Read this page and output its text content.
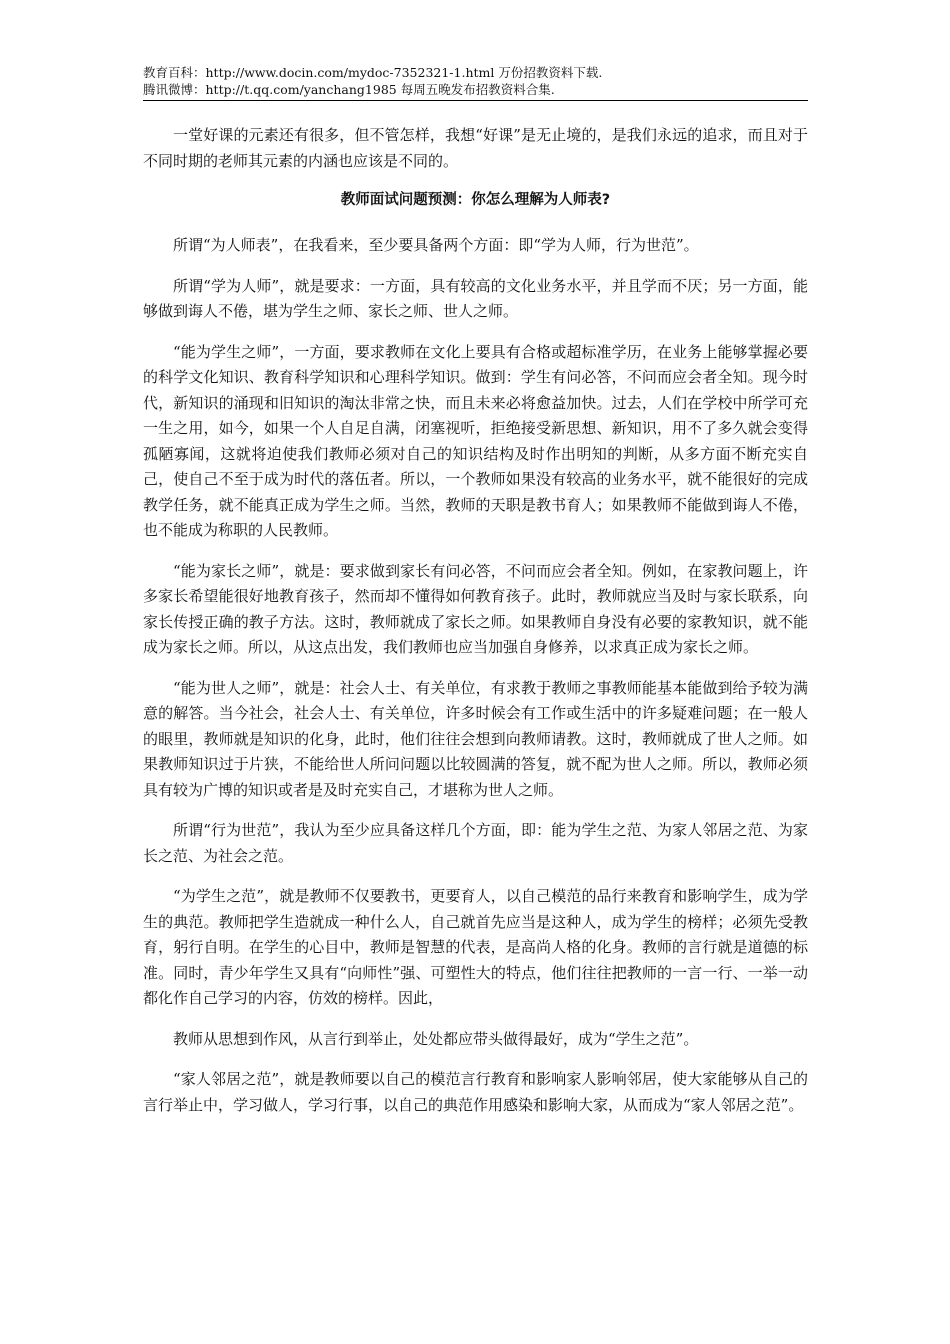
教育百科：http://www.docin.com/mydoc-7352321-1.html 万份招教资料下载.
腾讯微博：http://t.qq.com/yanchang1985 每周五晚发布招教资料合集.

一堂好课的元素还有很多，但不管怎样，我想“好课”是无止境的，是我们永远的追求，而且对于不同时期的老师其元素的内涵也应该是不同的。

教师面试问题预测：你怎么理解为人师表?

所谓“为人师表”，在我看来，至少要具备两个方面：即“学为人师，行为世范”。

所谓“学为人师”，就是要求：一方面，具有较高的文化业务水平，并且学而不厌；另一方面，能够做到诲人不倦，堪为学生之师、家长之师、世人之师。

“能为学生之师”，一方面，要求教师在文化上要具有合格或超标准学历，在业务上能够掌握必要的科学文化知识、教育科学知识和心理科学知识。做到：学生有问必答，不问而应会者全知。现今时代，新知识的涌现和旧知识的淘汰非常之快，而且未来必将愈益加快。过去，人们在学校中所学可充一生之用，如今，如果一个人自足自满，闭塞视听，拒绝接受新思想、新知识，用不了多久就会变得孤陋寡闻，这就将迫使我们教师必须对自己的知识结构及时作出明知的判断，从多方面不断充实自己，使自己不至于成为时代的落伍者。所以，一个教师如果没有较高的业务水平，就不能很好的完成教学任务，就不能真正成为学生之师。当然，教师的天职是教书育人；如果教师不能做到诲人不倦，也不能成为称职的人民教师。

“能为家长之师”，就是：要求做到家长有问必答，不问而应会者全知。例如，在家教问题上，许多家长希望能很好地教育孩子，然而却不懂得如何教育孩子。此时，教师就应当及时与家长联系，向家长传授正确的教子方法。这时，教师就成了家长之师。如果教师自身没有必要的家教知识，就不能成为家长之师。所以，从这点出发，我们教师也应当加强自身修养，以求真正成为家长之师。

“能为世人之师”，就是：社会人士、有关单位，有求教于教师之事教师能基本能做到给予较为满意的解答。当今社会，社会人士、有关单位，许多时候会有工作或生活中的许多疑难问题；在一般人的眼里，教师就是知识的化身，此时，他们往往会想到向教师请教。这时，教师就成了世人之师。如果教师知识过于片狭，不能给世人所问问题以比较圆满的答复，就不配为世人之师。所以，教师必须具有较为广博的知识或者是及时充实自己，才堪称为世人之师。

所谓“行为世范”，我认为至少应具备这样几个方面，即：能为学生之范、为家人邻居之范、为家长之范、为社会之范。

“为学生之范”，就是教师不仅要教书，更要育人，以自己模范的品行来教育和影响学生，成为学生的典范。教师把学生造就成一种什么人，自己就首先应当是这种人，成为学生的榜样；必须先受教育，躬行自明。在学生的心目中，教师是智慧的代表，是高尚人格的化身。教师的言行就是道德的标准。同时，青少年学生又具有“向师性”强、可塑性大的特点，他们往往把教师的一言一行、一举一动都化作自己学习的内容，仿效的榜样。因此，

教师从思想到作风，从言行到举止，处处都应带头做得最好，成为“学生之范”。

“家人邻居之范”，就是教师要以自己的模范言行教育和影响家人影响邻居，使大家能够从自己的言行举止中，学习做人，学习行事，以自己的典范作用感染和影响大家，从而成为“家人邻居之范”。
